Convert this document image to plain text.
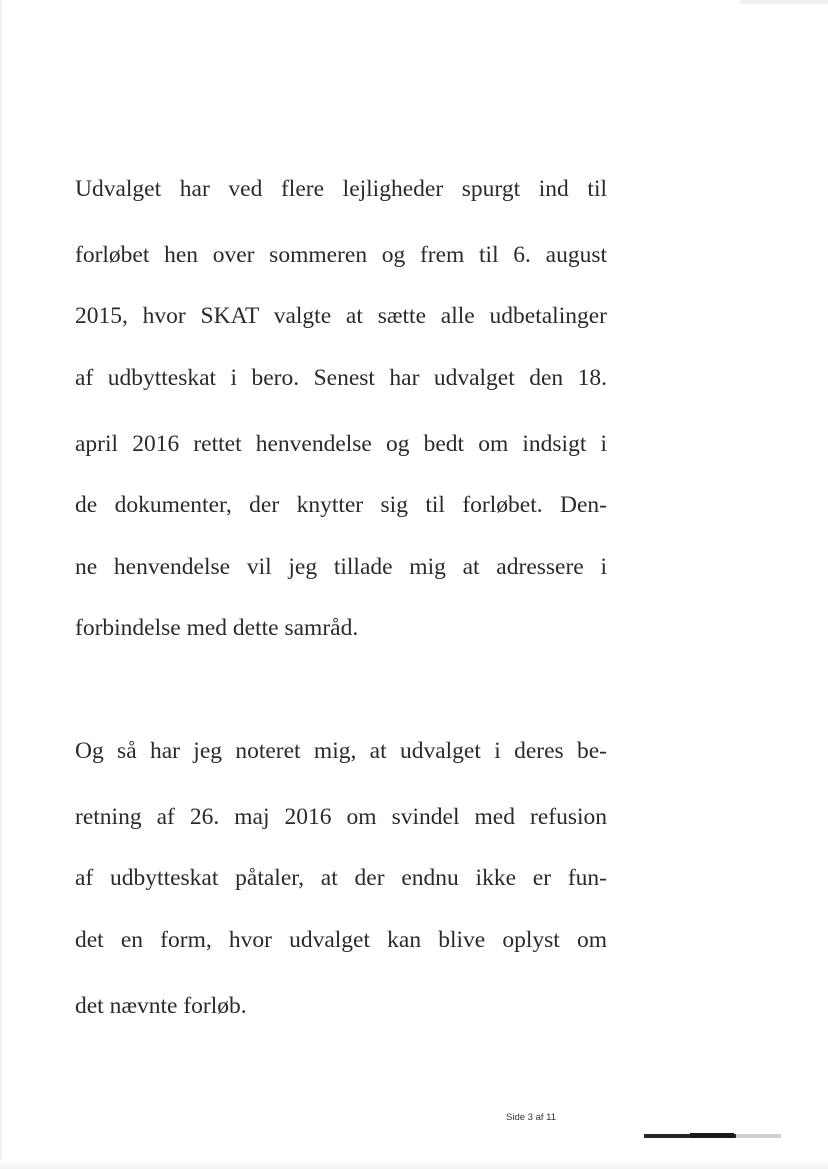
Udvalget har ved flere lejligheder spurgt ind til
forløbet hen over sommeren og frem til 6. august
2015, hvor SKAT valgte at sætte alle udbetalinger
af udbytteskat i bero. Senest har udvalget den 18.
april 2016 rettet henvendelse og bedt om indsigt i
de dokumenter, der knytter sig til forløbet. Den-
ne henvendelse vil jeg tillade mig at adressere i
forbindelse med dette samråd.
Og så har jeg noteret mig, at udvalget i deres be-
retning af 26. maj 2016 om svindel med refusion
af udbytteskat påtaler, at der endnu ikke er fun-
det en form, hvor udvalget kan blive oplyst om
det nævnte forløb.
Side 3 af 11
